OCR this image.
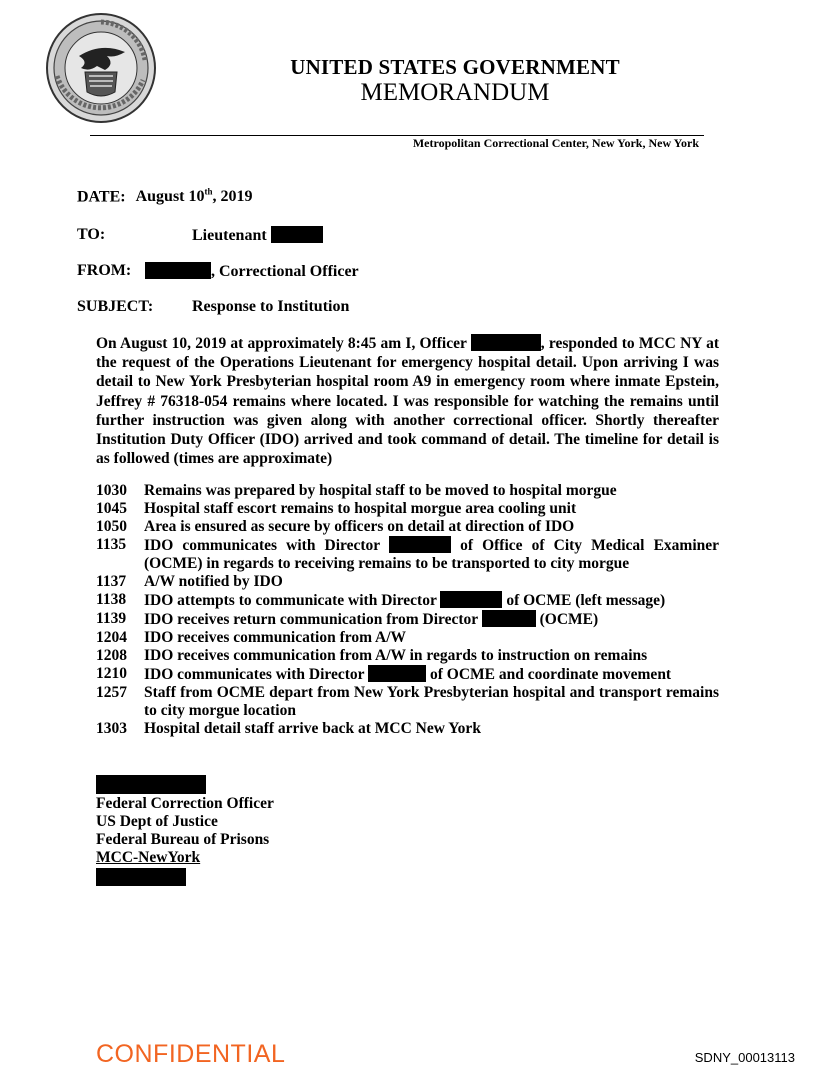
UNITED STATES GOVERNMENT
MEMORANDUM
Metropolitan Correctional Center, New York, New York
DATE: August 10th, 2019
TO:	Lieutenant
FROM:	, Correctional Officer
SUBJECT: Response to Institution
On August 10, 2019 at approximately 8:45 am I, Officer	, responded to MCC NY at the request of the Operations Lieutenant for emergency hospital detail. Upon arriving I was detail to New York Presbyterian hospital room A9 in emergency room where inmate Epstein, Jeffrey # 76318-054 remains where located. I was responsible for watching the remains until further instruction was given along with another correctional officer. Shortly thereafter Institution Duty Officer (IDO) arrived and took command of detail. The timeline for detail is as followed (times are approximate)
1030	Remains was prepared by hospital staff to be moved to hospital morgue
1045	Hospital staff escort remains to hospital morgue area cooling unit
1050	Area is ensured as secure by officers on detail at direction of IDO
1135	IDO communicates with Director	of Office of City Medical Examiner (OCME) in regards to receiving remains to be transported to city morgue
1137	A/W notified by IDO
1138	IDO attempts to communicate with Director	of OCME (left message)
1139	IDO receives return communication from Director	(OCME)
1204	IDO receives communication from A/W
1208	IDO receives communication from A/W in regards to instruction on remains
1210	IDO communicates with Director	of OCME and coordinate movement
1257	Staff from OCME depart from New York Presbyterian hospital and transport remains to city morgue location
1303	Hospital detail staff arrive back at MCC New York
Federal Correction Officer
US Dept of Justice
Federal Bureau of Prisons
MCC-NewYork
CONFIDENTIAL	SDNY_00013113
